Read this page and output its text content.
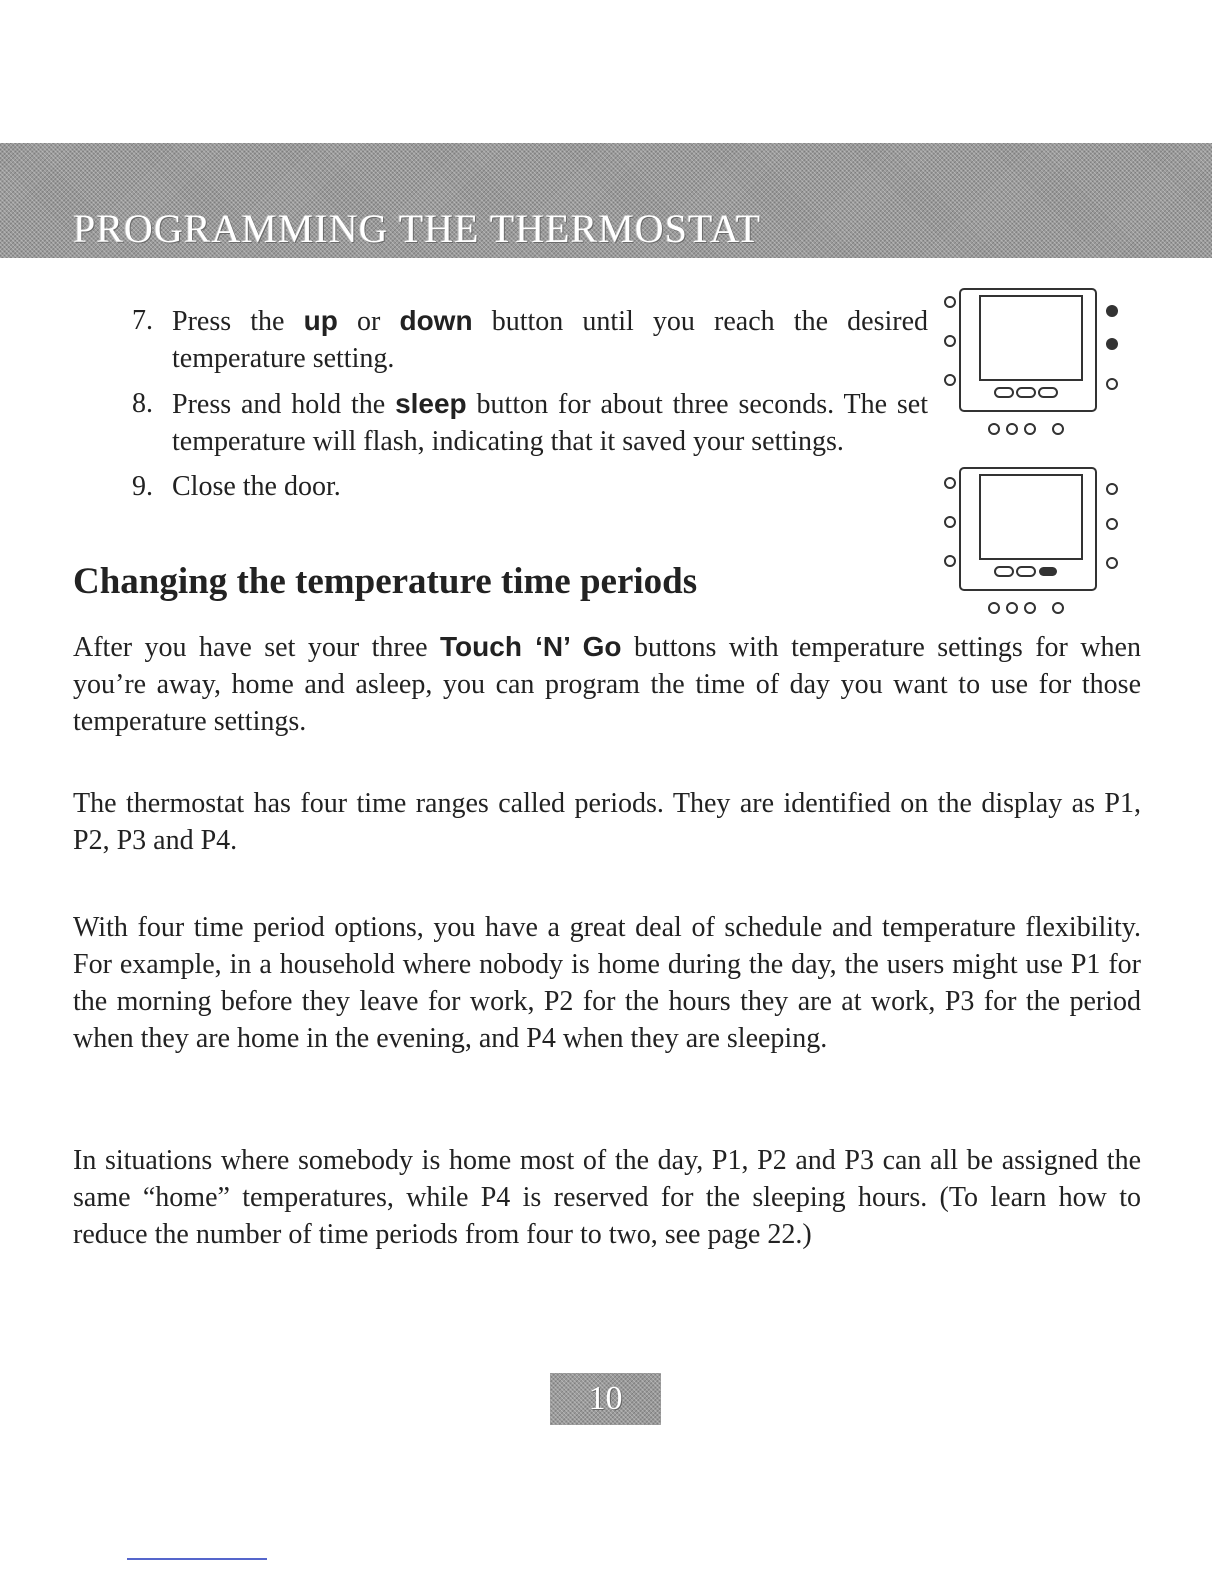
PROGRAMMING THE THERMOSTAT
7. Press the up or down button until you reach the desired temperature setting.
8. Press and hold the sleep button for about three seconds. The set temperature will flash, indicating that it saved your settings.
9. Close the door.
Changing the temperature time periods

After you have set your three Touch ‘N’ Go buttons with temperature settings for when you’re away, home and asleep, you can program the time of day you want to use for those temperature settings.

The thermostat has four time ranges called periods. They are identified on the display as P1, P2, P3 and P4.

With four time period options, you have a great deal of schedule and temperature flexibility. For example, in a household where nobody is home during the day, the users might use P1 for the morning before they leave for work, P2 for the hours they are at work, P3 for the period when they are home in the evening, and P4 when they are sleeping.

In situations where somebody is home most of the day, P1, P2 and P3 can all be assigned the same “home” temperatures, while P4 is reserved for the sleeping hours. (To learn how to reduce the number of time periods from four to two, see page 22.)

10
